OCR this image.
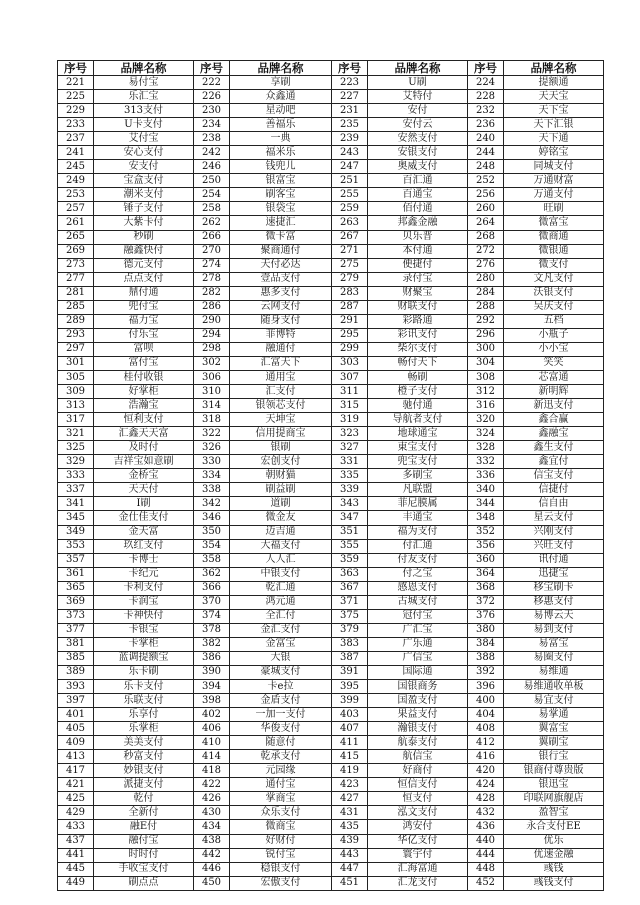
序号	品牌名称	序号	品牌名称	序号	品牌名称	序号	品牌名称
221	易付宝	222	享刷	223	U刷	224	提额通
225	乐汇宝	226	众鑫通	227	艾特付	228	天天宝
229	313支付	230	星动吧	231	安付	232	天下宝
233	U卡支付	234	善福乐	235	安付云	236	天下汇银
237	艾付宝	238	一典	239	安然支付	240	天下通
241	安心支付	242	福米乐	243	安银支付	244	婷铭宝
245	安支付	246	钱兜儿	247	奥威支付	248	同城支付
249	宝盒支付	250	银富宝	251	百汇通	252	万通财富
253	潮米支付	254	刷客宝	255	百通宝	256	万通支付
257	锤子支付	258	银袋宝	259	佰付通	260	旺刷
261	大紫卡付	262	速捷汇	263	邦鑫金融	264	微富宝
265	秒刷	266	微卡富	267	贝乐普	268	微商通
269	融鑫快付	270	聚商通付	271	本付通	272	微银通
273	德元支付	274	天付必达	275	便捷付	276	微支付
277	点点支付	278	壹品支付	279	录付宝	280	文凡支付
281	鼎付通	282	惠多支付	283	财聚宝	284	沃银支付
285	兜付宝	286	云网支付	287	财联支付	288	吴庆支付
289	福力宝	290	随身支付	291	彩路通	292	五档
293	付乐宝	294	菲博特	295	彩讯支付	296	小瓶子
297	富呗	298	融通付	299	柴尔支付	300	小小宝
301	富付宝	302	汇富天下	303	畅付天下	304	笑笑
305	桂付收银	306	通用宝	307	畅刷	308	芯富通
309	好掌柜	310	汇支付	311	橙子支付	312	新明辉
313	浩瀚宝	314	银领芯支付	315	驰付通	316	新迅支付
317	恒利支付	318	天坤宝	319	导航者支付	320	鑫合赢
321	汇鑫天天富	322	信用提商宝	323	地球通宝	324	鑫融宝
325	及时付	326	银刷	327	東宝支付	328	鑫生支付
329	吉祥宝如意刷	330	宏创支付	331	兜宝支付	332	鑫宜付
333	金桥宝	334	朝财猫	335	多刷宝	336	信宝支付
337	天天付	338	刷益刷	339	凡联盟	340	信捷付
341	I刷	342	道刷	343	菲尼膜属	344	信自由
345	金仕佳支付	346	微金友	347	丰通宝	348	星云支付
349	金天富	350	迈吉通	351	福为支付	352	兴刚支付
353	玖红支付	354	大福支付	355	付汇通	356	兴旺支付
357	卡博士	358	人人汇	359	付友支付	360	讯付通
361	卡纪元	362	中银支付	363	付之宝	364	迅捷宝
365	卡利支付	366	乾汇通	367	感恩支付	368	移宝刷卡
369	卡润宝	370	鸿元通	371	古城支付	372	移惠支付
373	卡神快付	374	全汇付	375	冠付宝	376	易博云天
377	卡银宝	378	金汇支付	379	广汇宝	380	易到支付
381	卡掌柜	382	金富宝	383	广乐通	384	易富宝
385	蓝调提额宝	386	大银	387	广信宝	388	易圈支付
389	乐卡刷	390	豪城支付	391	国际通	392	易维通
393	乐卡支付	394	卡e拉	395	国银商务	396	易维通收单板
397	乐联支付	398	金盾支付	399	国盈支付	400	易宜支付
401	乐享付	402	一加一支付	403	果益支付	404	易掌通
405	乐掌柜	406	华俊支付	407	瀚银支付	408	翼富宝
409	美美支付	410	随意付	411	航泰支付	412	翼刷宝
413	秒富支付	414	乾承支付	415	航信宝	416	银行宝
417	妙银支付	418	元园缘	419	好商付	420	银商付尊贵版
421	派捷支付	422	通付宝	423	恒信支付	424	银迅宝
425	乾付	426	掌商宝	427	恒支付	428	印联网旗舰店
429	全新付	430	众乐支付	431	泓文支付	432	盈智宝
433	融E付	434	微商宝	435	鸿安付	436	永合支付EE
437	融付宝	438	好财付	439	华亿支付	440	优乐
441	时时付	442	锐付宝	443	寰宇付	444	优速金融
445	手收宝支付	446	稳银支付	447	汇海富通	448	彧钱
449	刷点点	450	宏傲支付	451	汇龙支付	452	彧钱支付
